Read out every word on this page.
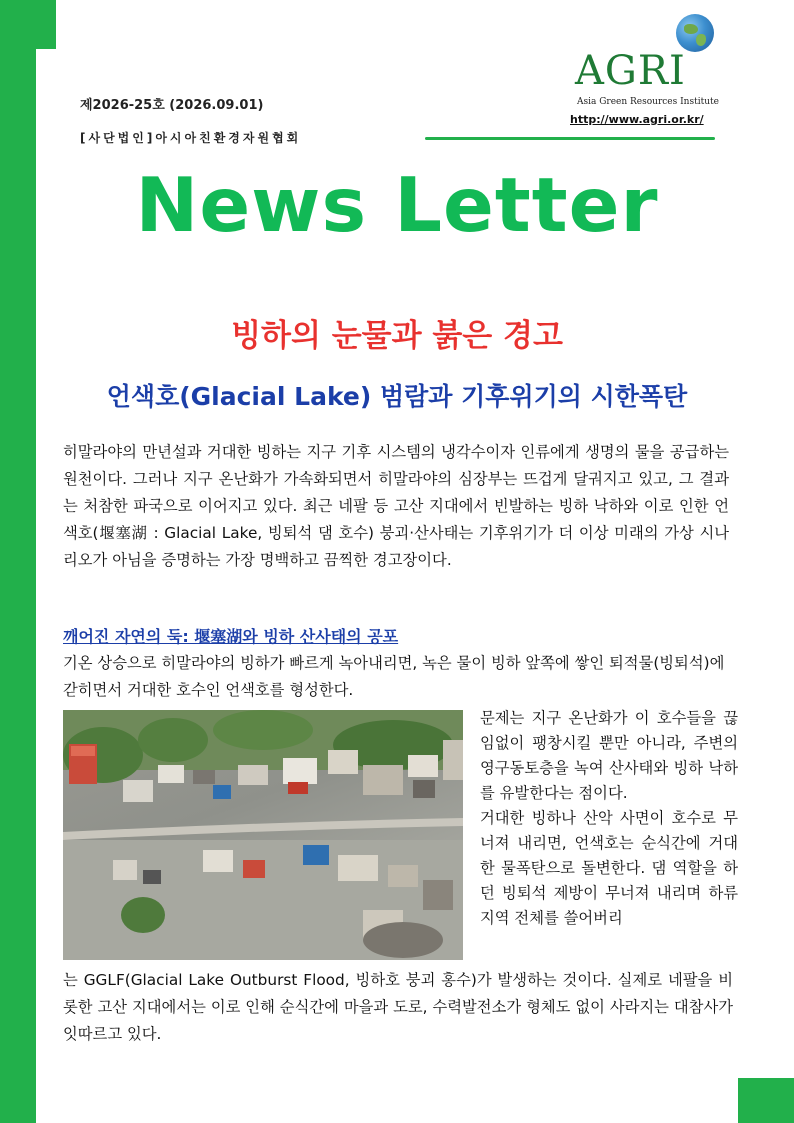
제2026-25호 (2026.09.01)
[사단법인]아시아친환경자원협회
AGRI
Asia Green Resources Institute
http://www.agri.or.kr/
News Letter
빙하의 눈물과 붉은 경고
언색호(Glacial Lake) 범람과 기후위기의 시한폭탄
히말라야의 만년설과 거대한 빙하는 지구 기후 시스템의 냉각수이자 인류에게 생명의 물을 공급하는 원천이다. 그러나 지구 온난화가 가속화되면서 히말라야의 심장부는 뜨겁게 달궈지고 있고, 그 결과는 처참한 파국으로 이어지고 있다. 최근 네팔 등 고산 지대에서 빈발하는 빙하 낙하와 이로 인한 언색호(堰塞湖 : Glacial Lake, 빙퇴석 댐 호수) 붕괴·산사태는 기후위기가 더 이상 미래의 가상 시나리오가 아님을 증명하는 가장 명백하고 끔찍한 경고장이다.
깨어진 자연의 둑: 堰塞湖와 빙하 산사태의 공포
기온 상승으로 히말라야의 빙하가 빠르게 녹아내리면, 녹은 물이 빙하 앞쪽에 쌓인 퇴적물(빙퇴석)에 갇히면서 거대한 호수인 언색호를 형성한다.
문제는 지구 온난화가 이 호수들을 끊임없이 팽창시킬 뿐만 아니라, 주변의 영구동토층을 녹여 산사태와 빙하 낙하를 유발한다는 점이다.
거대한 빙하나 산악 사면이 호수로 무너져 내리면, 언색호는 순식간에 거대한 물폭탄으로 돌변한다. 댐 역할을 하던 빙퇴석 제방이 무너져 내리며 하류 지역 전체를 쓸어버리
는 GGLF(Glacial Lake Outburst Flood, 빙하호 붕괴 홍수)가 발생하는 것이다. 실제로 네팔을 비롯한 고산 지대에서는 이로 인해 순식간에 마을과 도로, 수력발전소가 형체도 없이 사라지는 대참사가 잇따르고 있다.
